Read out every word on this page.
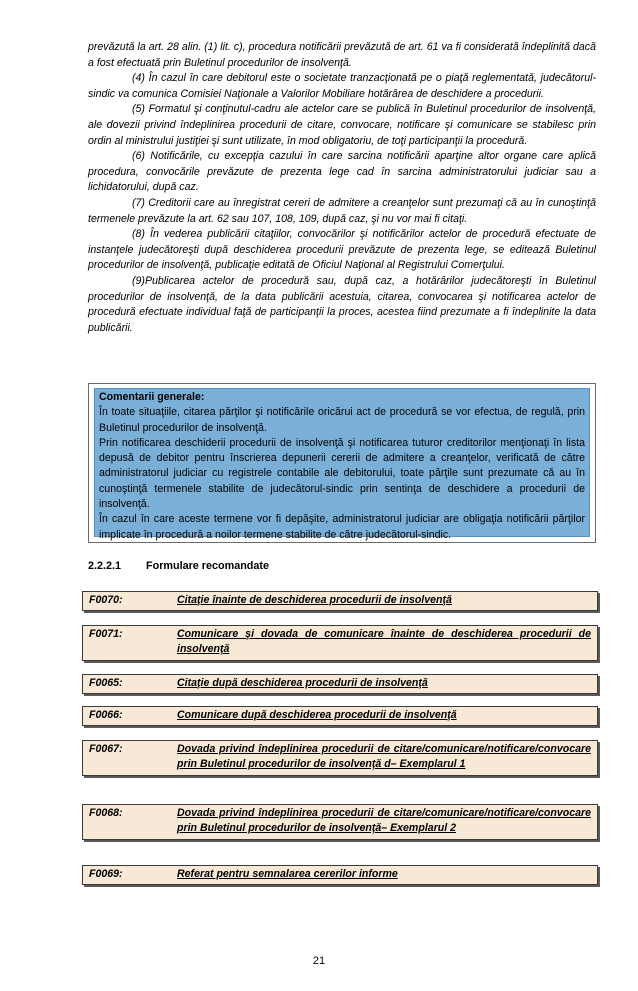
prevăzută la art. 28 alin. (1) lit. c), procedura notificării prevăzută de art. 61 va fi considerată îndeplinită dacă a fost efectuată prin Buletinul procedurilor de insolvenţă.

(4) În cazul în care debitorul este o societate tranzacţionată pe o piaţă reglementată, judecătorul-sindic va comunica Comisiei Naţionale a Valorilor Mobiliare hotărârea de deschidere a procedurii.

(5) Formatul şi conţinutul-cadru ale actelor care se publică în Buletinul procedurilor de insolvenţă, ale dovezii privind îndeplinirea procedurii de citare, convocare, notificare şi comunicare se stabilesc prin ordin al ministrului justiţiei şi sunt utilizate, în mod obligatoriu, de toţi participanţii la procedură.

(6) Notificările, cu excepţia cazului în care sarcina notificării aparţine altor organe care aplică procedura, convocările prevăzute de prezenta lege cad în sarcina administratorului judiciar sau a lichidatorului, după caz.

(7) Creditorii care au înregistrat cereri de admitere a creanţelor sunt prezumaţi că au în cunoştinţă termenele prevăzute la art. 62 sau 107, 108, 109, după caz, şi nu vor mai fi citaţi.

(8) În vederea publicării citaţiilor, convocărilor şi notificărilor actelor de procedură efectuate de instanţele judecătoreşti după deschiderea procedurii prevăzute de prezenta lege, se editează Buletinul procedurilor de insolvenţă, publicaţie editată de Oficiul Naţional al Registrului Comerţului.

(9)Publicarea actelor de procedură sau, după caz, a hotărârilor judecătoreşti în Buletinul procedurilor de insolvenţă, de la data publicării acestuia, citarea, convocarea şi notificarea actelor de procedură efectuate individual faţă de participanţii la proces, acestea fiind prezumate a fi îndeplinite la data publicării.

Comentarii generale:

În toate situaţiile, citarea părţilor şi notificările oricărui act de procedură se vor efectua, de regulă, prin Buletinul procedurilor de insolvenţă.

Prin notificarea deschiderii procedurii de insolvenţă şi notificarea tuturor creditorilor menţionaţi în lista depusă de debitor pentru înscrierea depunerii cererii de admitere a creanţelor, verificată de către administratorul judiciar cu registrele contabile ale debitorului, toate părţile sunt prezumate că au în cunoştinţă termenele stabilite de judecătorul-sindic prin sentinţa de deschidere a procedurii de insolvenţă.

În cazul în care aceste termene vor fi depăşite, administratorul judiciar are obligaţia notificării părţilor implicate în procedură a noilor termene stabilite de către judecătorul-sindic.

2.2.2.1 Formulare recomandate
F0070:	Citaţie înainte de deschiderea procedurii de insolvenţă
F0071:	Comunicare şi dovada de comunicare înainte de deschiderea procedurii de insolvenţă
F0065:	Citaţie după deschiderea procedurii de insolvenţă
F0066:	Comunicare după deschiderea procedurii de insolvenţă
F0067:	Dovada privind îndeplinirea procedurii de citare/comunicare/notificare/convocare prin Buletinul procedurilor de insolvenţă d– Exemplarul 1
F0068:	Dovada privind îndeplinirea procedurii de citare/comunicare/notificare/convocare prin Buletinul procedurilor de insolvenţă– Exemplarul 2
F0069:	Referat pentru semnalarea cererilor informe
21
